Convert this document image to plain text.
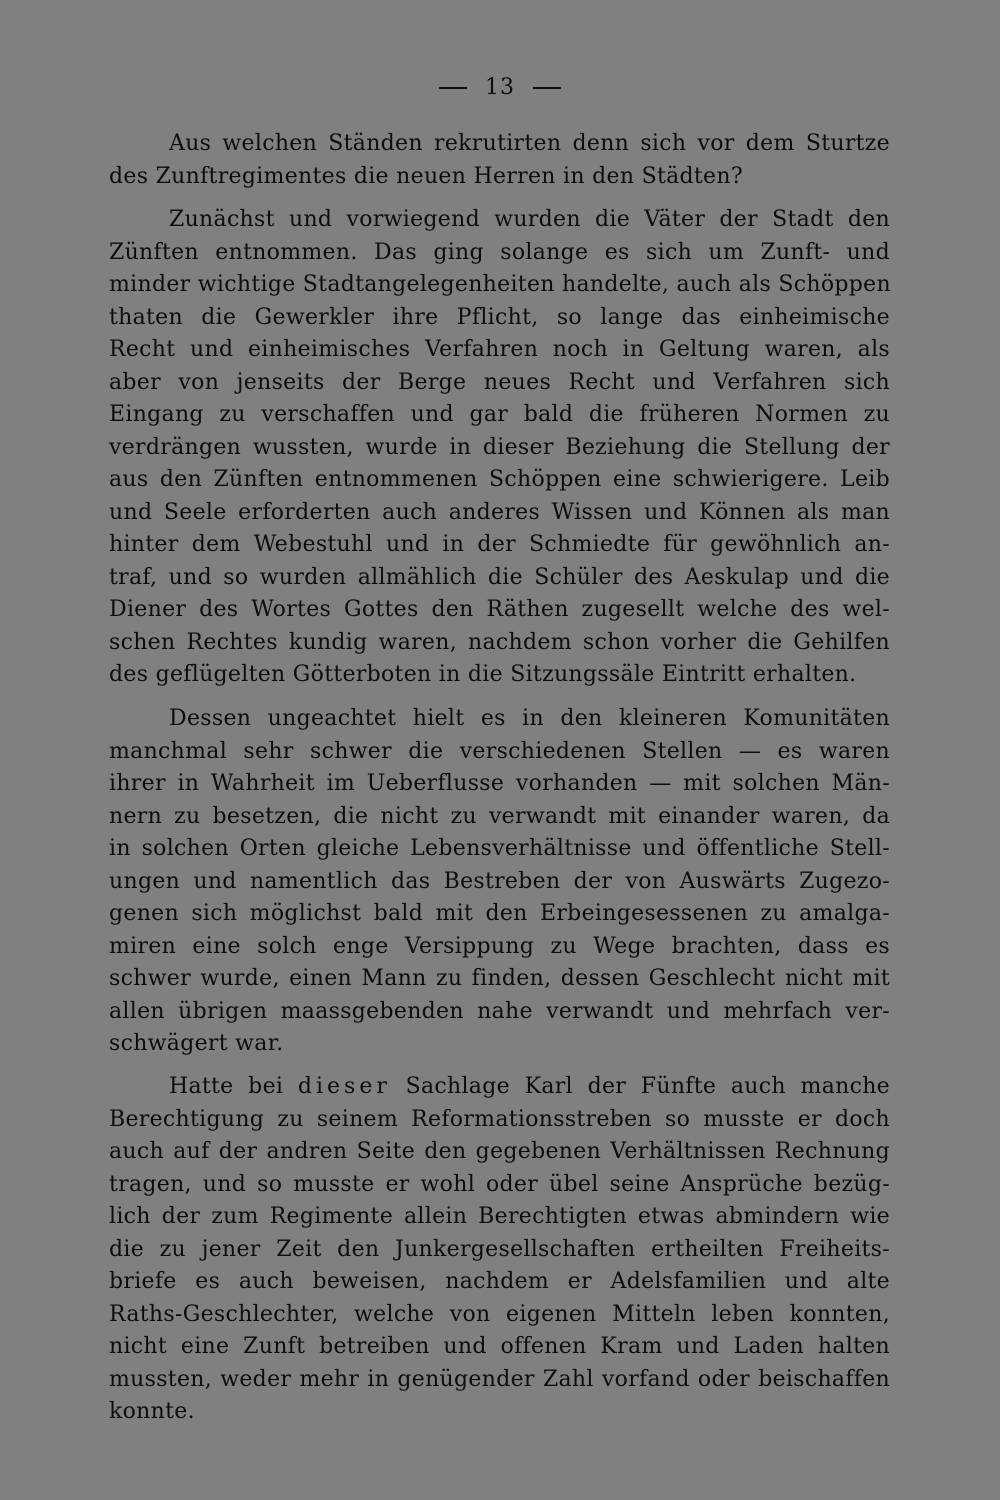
13
Aus welchen Ständen rekrutirten denn sich vor dem Sturtze
des Zunftregimentes die neuen Herren in den Städten?
Zunächst und vorwiegend wurden die Väter der Stadt den
Zünften entnommen. Das ging solange es sich um Zunft- und
minder wichtige Stadtangelegenheiten handelte, auch als Schöppen
thaten die Gewerkler ihre Pflicht, so lange das einheimische
Recht und einheimisches Verfahren noch in Geltung waren, als
aber von jenseits der Berge neues Recht und Verfahren sich
Eingang zu verschaffen und gar bald die früheren Normen zu
verdrängen wussten, wurde in dieser Beziehung die Stellung der
aus den Zünften entnommenen Schöppen eine schwierigere. Leib
und Seele erforderten auch anderes Wissen und Können als man
hinter dem Webestuhl und in der Schmiedte für gewöhnlich an-
traf, und so wurden allmählich die Schüler des Aeskulap und die
Diener des Wortes Gottes den Räthen zugesellt welche des wel-
schen Rechtes kundig waren, nachdem schon vorher die Gehilfen
des geflügelten Götterboten in die Sitzungssäle Eintritt erhalten.
Dessen ungeachtet hielt es in den kleineren Komunitäten
manchmal sehr schwer die verschiedenen Stellen — es waren
ihrer in Wahrheit im Ueberflusse vorhanden — mit solchen Män-
nern zu besetzen, die nicht zu verwandt mit einander waren, da
in solchen Orten gleiche Lebensverhältnisse und öffentliche Stell-
ungen und namentlich das Bestreben der von Auswärts Zugezo-
genen sich möglichst bald mit den Erbeingesessenen zu amalga-
miren eine solch enge Versippung zu Wege brachten, dass es
schwer wurde, einen Mann zu finden, dessen Geschlecht nicht mit
allen übrigen maassgebenden nahe verwandt und mehrfach ver-
schwägert war.
Hatte bei dieser Sachlage Karl der Fünfte auch manche
Berechtigung zu seinem Reformationsstreben so musste er doch
auch auf der andren Seite den gegebenen Verhältnissen Rechnung
tragen, und so musste er wohl oder übel seine Ansprüche bezüg-
lich der zum Regimente allein Berechtigten etwas abmindern wie
die zu jener Zeit den Junkergesellschaften ertheilten Freiheits-
briefe es auch beweisen, nachdem er Adelsfamilien und alte
Raths-Geschlechter, welche von eigenen Mitteln leben konnten,
nicht eine Zunft betreiben und offenen Kram und Laden halten
mussten, weder mehr in genügender Zahl vorfand oder beischaffen
konnte.
